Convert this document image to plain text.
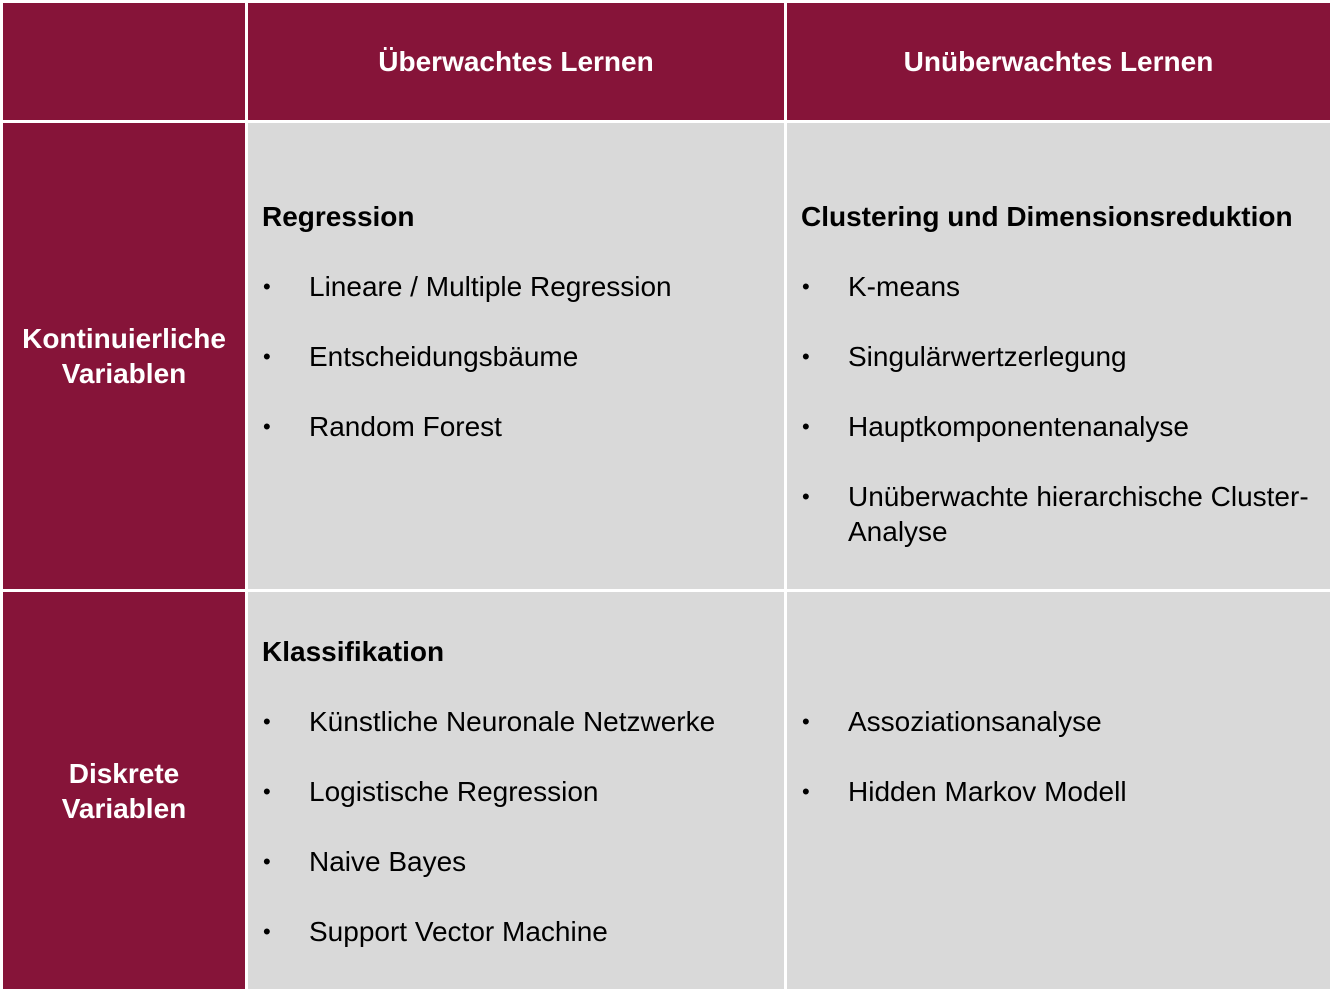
Überwachtes Lernen	Unüberwachtes Lernen
Kontinuierliche
Variablen
Regression
• Lineare / Multiple Regression
• Entscheidungsbäume
• Random Forest
Clustering und Dimensionsreduktion
• K-means
• Singulärwertzerlegung
• Hauptkomponentenanalyse
• Unüberwachte hierarchische Cluster-Analyse
Diskrete
Variablen
Klassifikation
• Künstliche Neuronale Netzwerke
• Logistische Regression
• Naive Bayes
• Support Vector Machine
• Assoziationsanalyse
• Hidden Markov Modell
